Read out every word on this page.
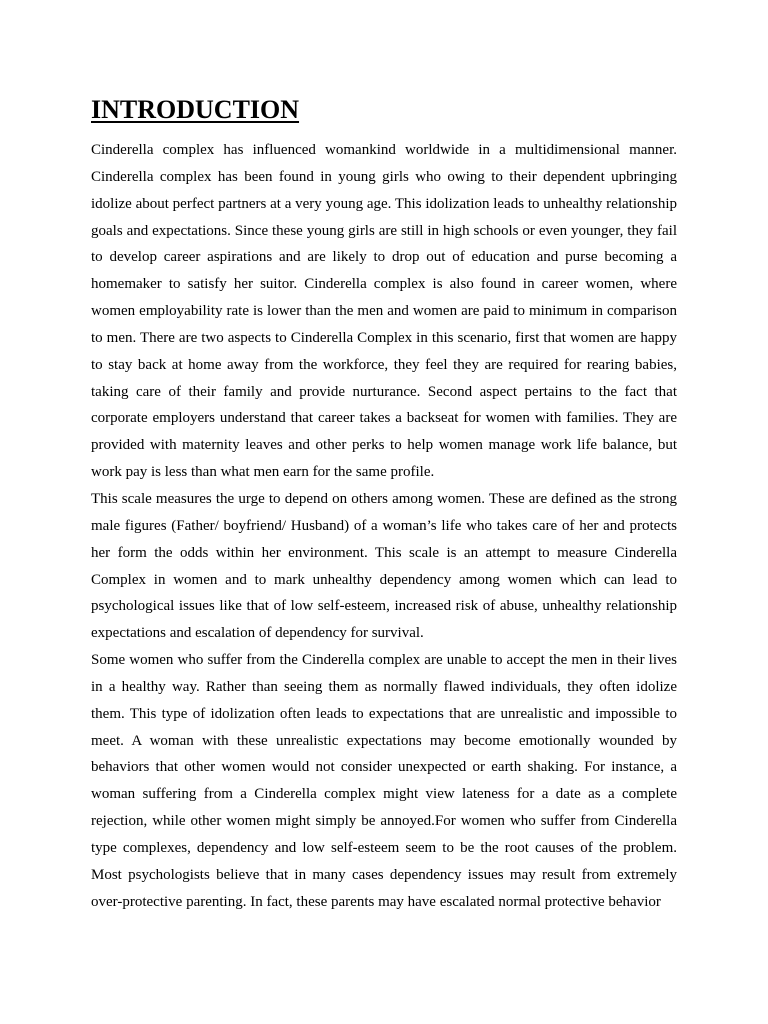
INTRODUCTION

Cinderella complex has influenced womankind worldwide in a multidimensional manner. Cinderella complex has been found in young girls who owing to their dependent upbringing idolize about perfect partners at a very young age. This idolization leads to unhealthy relationship goals and expectations. Since these young girls are still in high schools or even younger, they fail to develop career aspirations and are likely to drop out of education and purse becoming a homemaker to satisfy her suitor. Cinderella complex is also found in career women, where women employability rate is lower than the men and women are paid to minimum in comparison to men. There are two aspects to Cinderella Complex in this scenario, first that women are happy to stay back at home away from the workforce, they feel they are required for rearing babies, taking care of their family and provide nurturance. Second aspect pertains to the fact that corporate employers understand that career takes a backseat for women with families. They are provided with maternity leaves and other perks to help women manage work life balance, but work pay is less than what men earn for the same profile.

This scale measures the urge to depend on others among women. These are defined as the strong male figures (Father/ boyfriend/ Husband) of a woman’s life who takes care of her and protects her form the odds within her environment. This scale is an attempt to measure Cinderella Complex in women and to mark unhealthy dependency among women which can lead to psychological issues like that of low self-esteem, increased risk of abuse, unhealthy relationship expectations and escalation of dependency for survival.

Some women who suffer from the Cinderella complex are unable to accept the men in their lives in a healthy way. Rather than seeing them as normally flawed individuals, they often idolize them. This type of idolization often leads to expectations that are unrealistic and impossible to meet. A woman with these unrealistic expectations may become emotionally wounded by behaviors that other women would not consider unexpected or earth shaking. For instance, a woman suffering from a Cinderella complex might view lateness for a date as a complete rejection, while other women might simply be annoyed.For women who suffer from Cinderella type complexes, dependency and low self-esteem seem to be the root causes of the problem. Most psychologists believe that in many cases dependency issues may result from extremely over-protective parenting. In fact, these parents may have escalated normal protective behavior
